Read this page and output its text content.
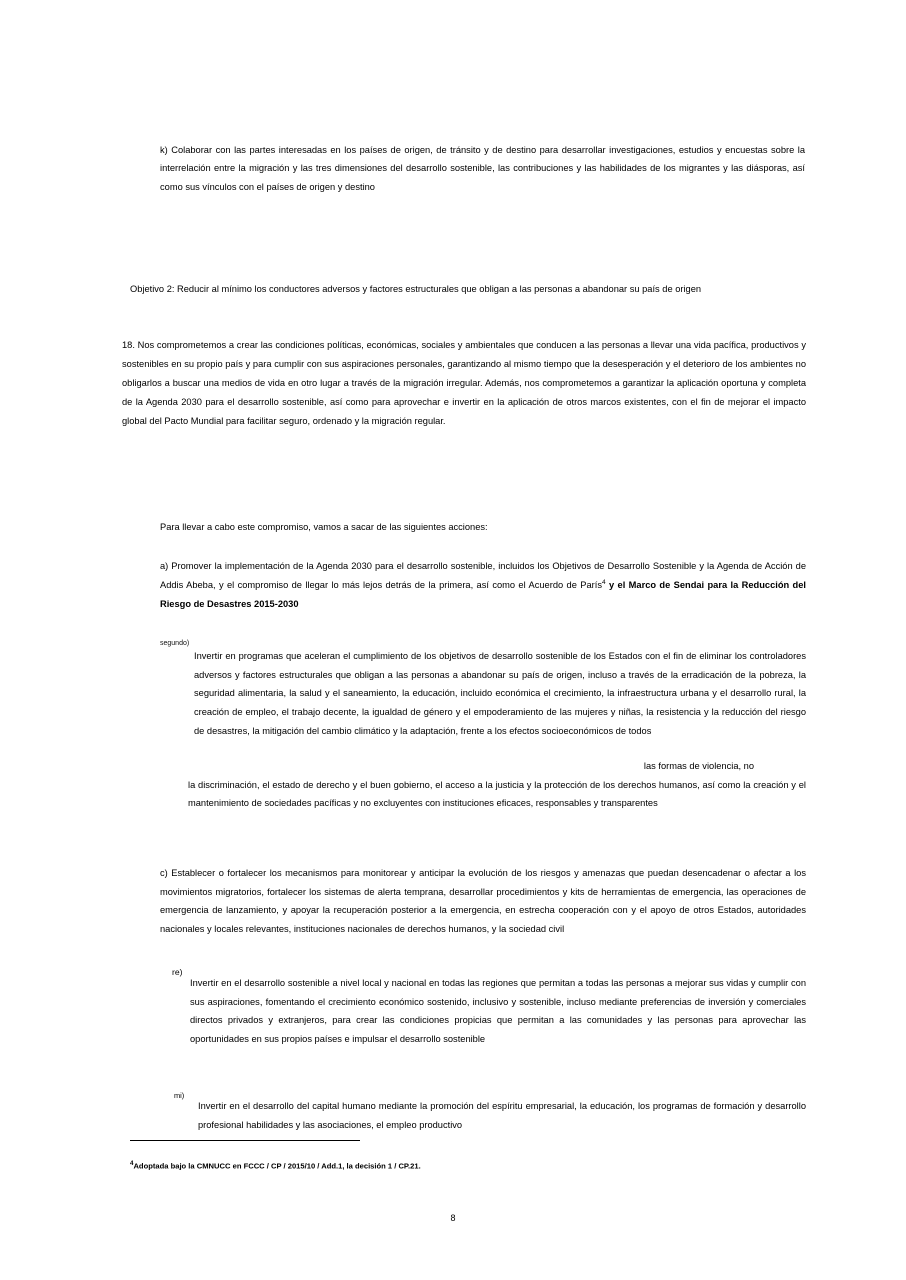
k) Colaborar con las partes interesadas en los países de origen, de tránsito y de destino para desarrollar investigaciones, estudios y encuestas sobre la interrelación entre la migración y las tres dimensiones del desarrollo sostenible, las contribuciones y las habilidades de los migrantes y las diásporas, así como sus vínculos con el países de origen y destino

Objetivo 2: Reducir al mínimo los conductores adversos y factores estructurales que obligan a las personas a abandonar su país de origen

18. Nos comprometemos a crear las condiciones políticas, económicas, sociales y ambientales que conducen a las personas a llevar una vida pacífica, productivos y sostenibles en su propio país y para cumplir con sus aspiraciones personales, garantizando al mismo tiempo que la desesperación y el deterioro de los ambientes no obligarlos a buscar una medios de vida en otro lugar a través de la migración irregular. Además, nos comprometemos a garantizar la aplicación oportuna y completa de la Agenda 2030 para el desarrollo sostenible, así como para aprovechar e invertir en la aplicación de otros marcos existentes, con el fin de mejorar el impacto global del Pacto Mundial para facilitar seguro, ordenado y la migración regular.

Para llevar a cabo este compromiso, vamos a sacar de las siguientes acciones:

a) Promover la implementación de la Agenda 2030 para el desarrollo sostenible, incluidos los Objetivos de Desarrollo Sostenible y la Agenda de Acción de Addis Abeba, y el compromiso de llegar lo más lejos detrás de la primera, así como el Acuerdo de París$^4$ y el Marco de Sendai para la Reducción del Riesgo de Desastres 2015-2030

segundo)

Invertir en programas que aceleran el cumplimiento de los objetivos de desarrollo sostenible de los Estados con el fin de eliminar los controladores adversos y factores estructurales que obligan a las personas a abandonar su país de origen, incluso a través de la erradicación de la pobreza, la seguridad alimentaria, la salud y el saneamiento, la educación, incluido económica el crecimiento, la infraestructura urbana y el desarrollo rural, la creación de empleo, el trabajo decente, la igualdad de género y el empoderamiento de las mujeres y niñas, la resistencia y la reducción del riesgo de desastres, la mitigación del cambio climático y la adaptación, frente a los efectos socioeconómicos de todos

las formas de violencia, no
la discriminación, el estado de derecho y el buen gobierno, el acceso a la justicia y la protección de los derechos humanos, así como la creación y el mantenimiento de sociedades pacíficas y no excluyentes con instituciones eficaces, responsables y transparentes

c) Establecer o fortalecer los mecanismos para monitorear y anticipar la evolución de los riesgos y amenazas que puedan desencadenar o afectar a los movimientos migratorios, fortalecer los sistemas de alerta temprana, desarrollar procedimientos y kits de herramientas de emergencia, las operaciones de emergencia de lanzamiento, y apoyar la recuperación posterior a la emergencia, en estrecha cooperación con y el apoyo de otros Estados, autoridades nacionales y locales relevantes, instituciones nacionales de derechos humanos, y la sociedad civil

re)

Invertir en el desarrollo sostenible a nivel local y nacional en todas las regiones que permitan a todas las personas a mejorar sus vidas y cumplir con sus aspiraciones, fomentando el crecimiento económico sostenido, inclusivo y sostenible, incluso mediante preferencias de inversión y comerciales directos privados y extranjeros, para crear las condiciones propicias que permitan a las comunidades y las personas para aprovechar las oportunidades en sus propios países e impulsar el desarrollo sostenible

mi)

Invertir en el desarrollo del capital humano mediante la promoción del espíritu empresarial, la educación, los programas de formación y desarrollo profesional habilidades y las asociaciones, el empleo productivo

$^4$Adoptada bajo la CMNUCC en FCCC / CP / 2015/10 / Add.1, la decisión 1 / CP.21.
8
